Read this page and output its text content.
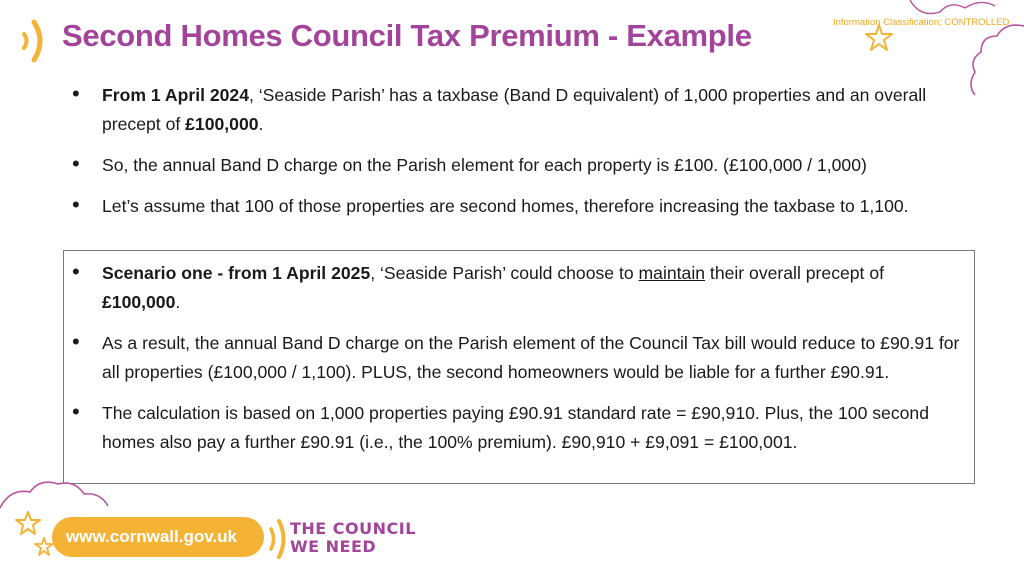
Second Homes Council Tax Premium - Example	Information Classification: CONTROLLED
• From 1 April 2024, ‘Seaside Parish’ has a taxbase (Band D equivalent) of 1,000 properties and an overall precept of £100,000.
• So, the annual Band D charge on the Parish element for each property is £100. (£100,000 / 1,000)
• Let’s assume that 100 of those properties are second homes, therefore increasing the taxbase to 1,100.
• Scenario one - from 1 April 2025, ‘Seaside Parish’ could choose to maintain their overall precept of £100,000.
• As a result, the annual Band D charge on the Parish element of the Council Tax bill would reduce to £90.91 for all properties (£100,000 / 1,100). PLUS, the second homeowners would be liable for a further £90.91.
• The calculation is based on 1,000 properties paying £90.91 standard rate = £90,910. Plus, the 100 second homes also pay a further £90.91 (i.e., the 100% premium). £90,910 + £9,091 = £100,001.
www.cornwall.gov.uk	THE COUNCIL
WE NEED
